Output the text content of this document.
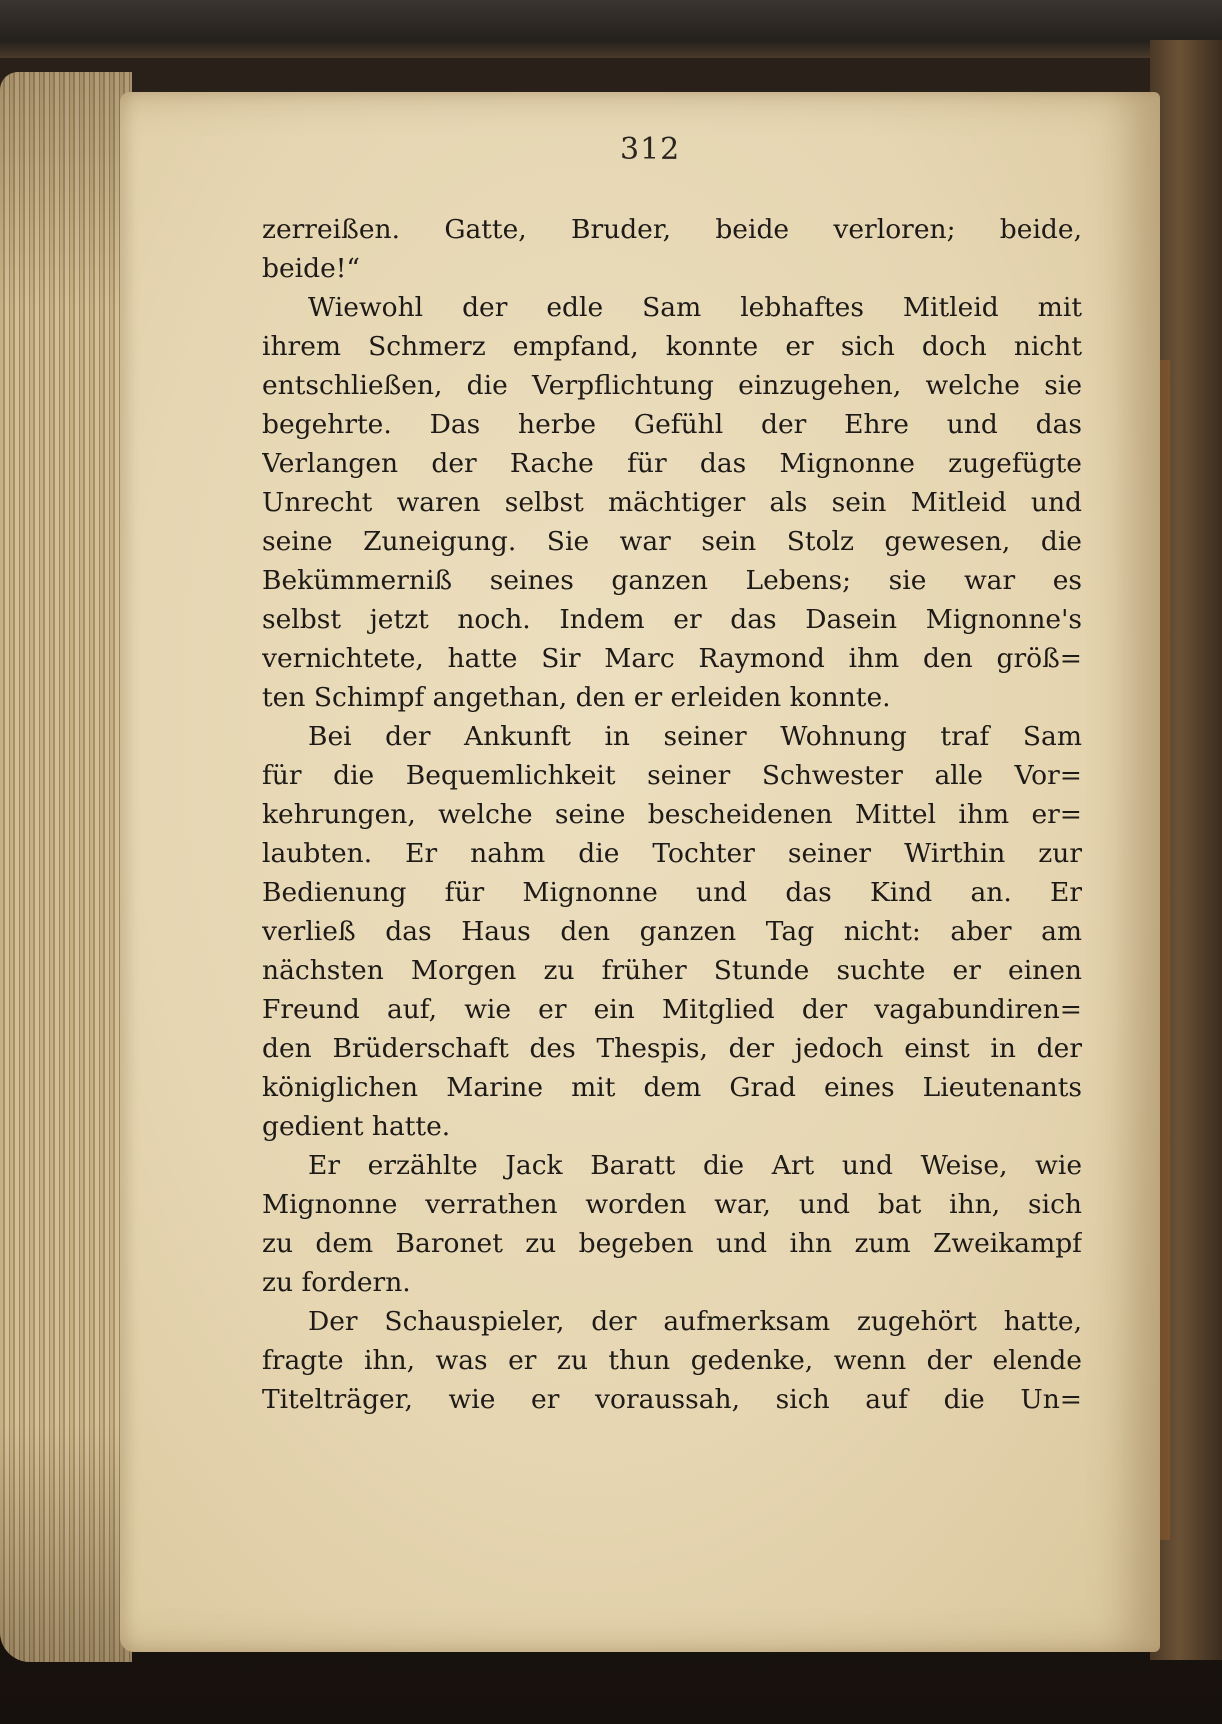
312
zerreißen. Gatte, Bruder, beide verloren; beide,
beide!“
Wiewohl der edle Sam lebhaftes Mitleid mit
ihrem Schmerz empfand, konnte er sich doch nicht
entschließen, die Verpflichtung einzugehen, welche sie
begehrte. Das herbe Gefühl der Ehre und das
Verlangen der Rache für das Mignonne zugefügte
Unrecht waren selbst mächtiger als sein Mitleid und
seine Zuneigung. Sie war sein Stolz gewesen, die
Bekümmerniß seines ganzen Lebens; sie war es
selbst jetzt noch. Indem er das Dasein Mignonne's
vernichtete, hatte Sir Marc Raymond ihm den größ=
ten Schimpf angethan, den er erleiden konnte.
Bei der Ankunft in seiner Wohnung traf Sam
für die Bequemlichkeit seiner Schwester alle Vor=
kehrungen, welche seine bescheidenen Mittel ihm er=
laubten. Er nahm die Tochter seiner Wirthin zur
Bedienung für Mignonne und das Kind an. Er
verließ das Haus den ganzen Tag nicht: aber am
nächsten Morgen zu früher Stunde suchte er einen
Freund auf, wie er ein Mitglied der vagabundiren=
den Brüderschaft des Thespis, der jedoch einst in der
königlichen Marine mit dem Grad eines Lieutenants
gedient hatte.
Er erzählte Jack Baratt die Art und Weise, wie
Mignonne verrathen worden war, und bat ihn, sich
zu dem Baronet zu begeben und ihn zum Zweikampf
zu fordern.
Der Schauspieler, der aufmerksam zugehört hatte,
fragte ihn, was er zu thun gedenke, wenn der elende
Titelträger, wie er voraussah, sich auf die Un=
